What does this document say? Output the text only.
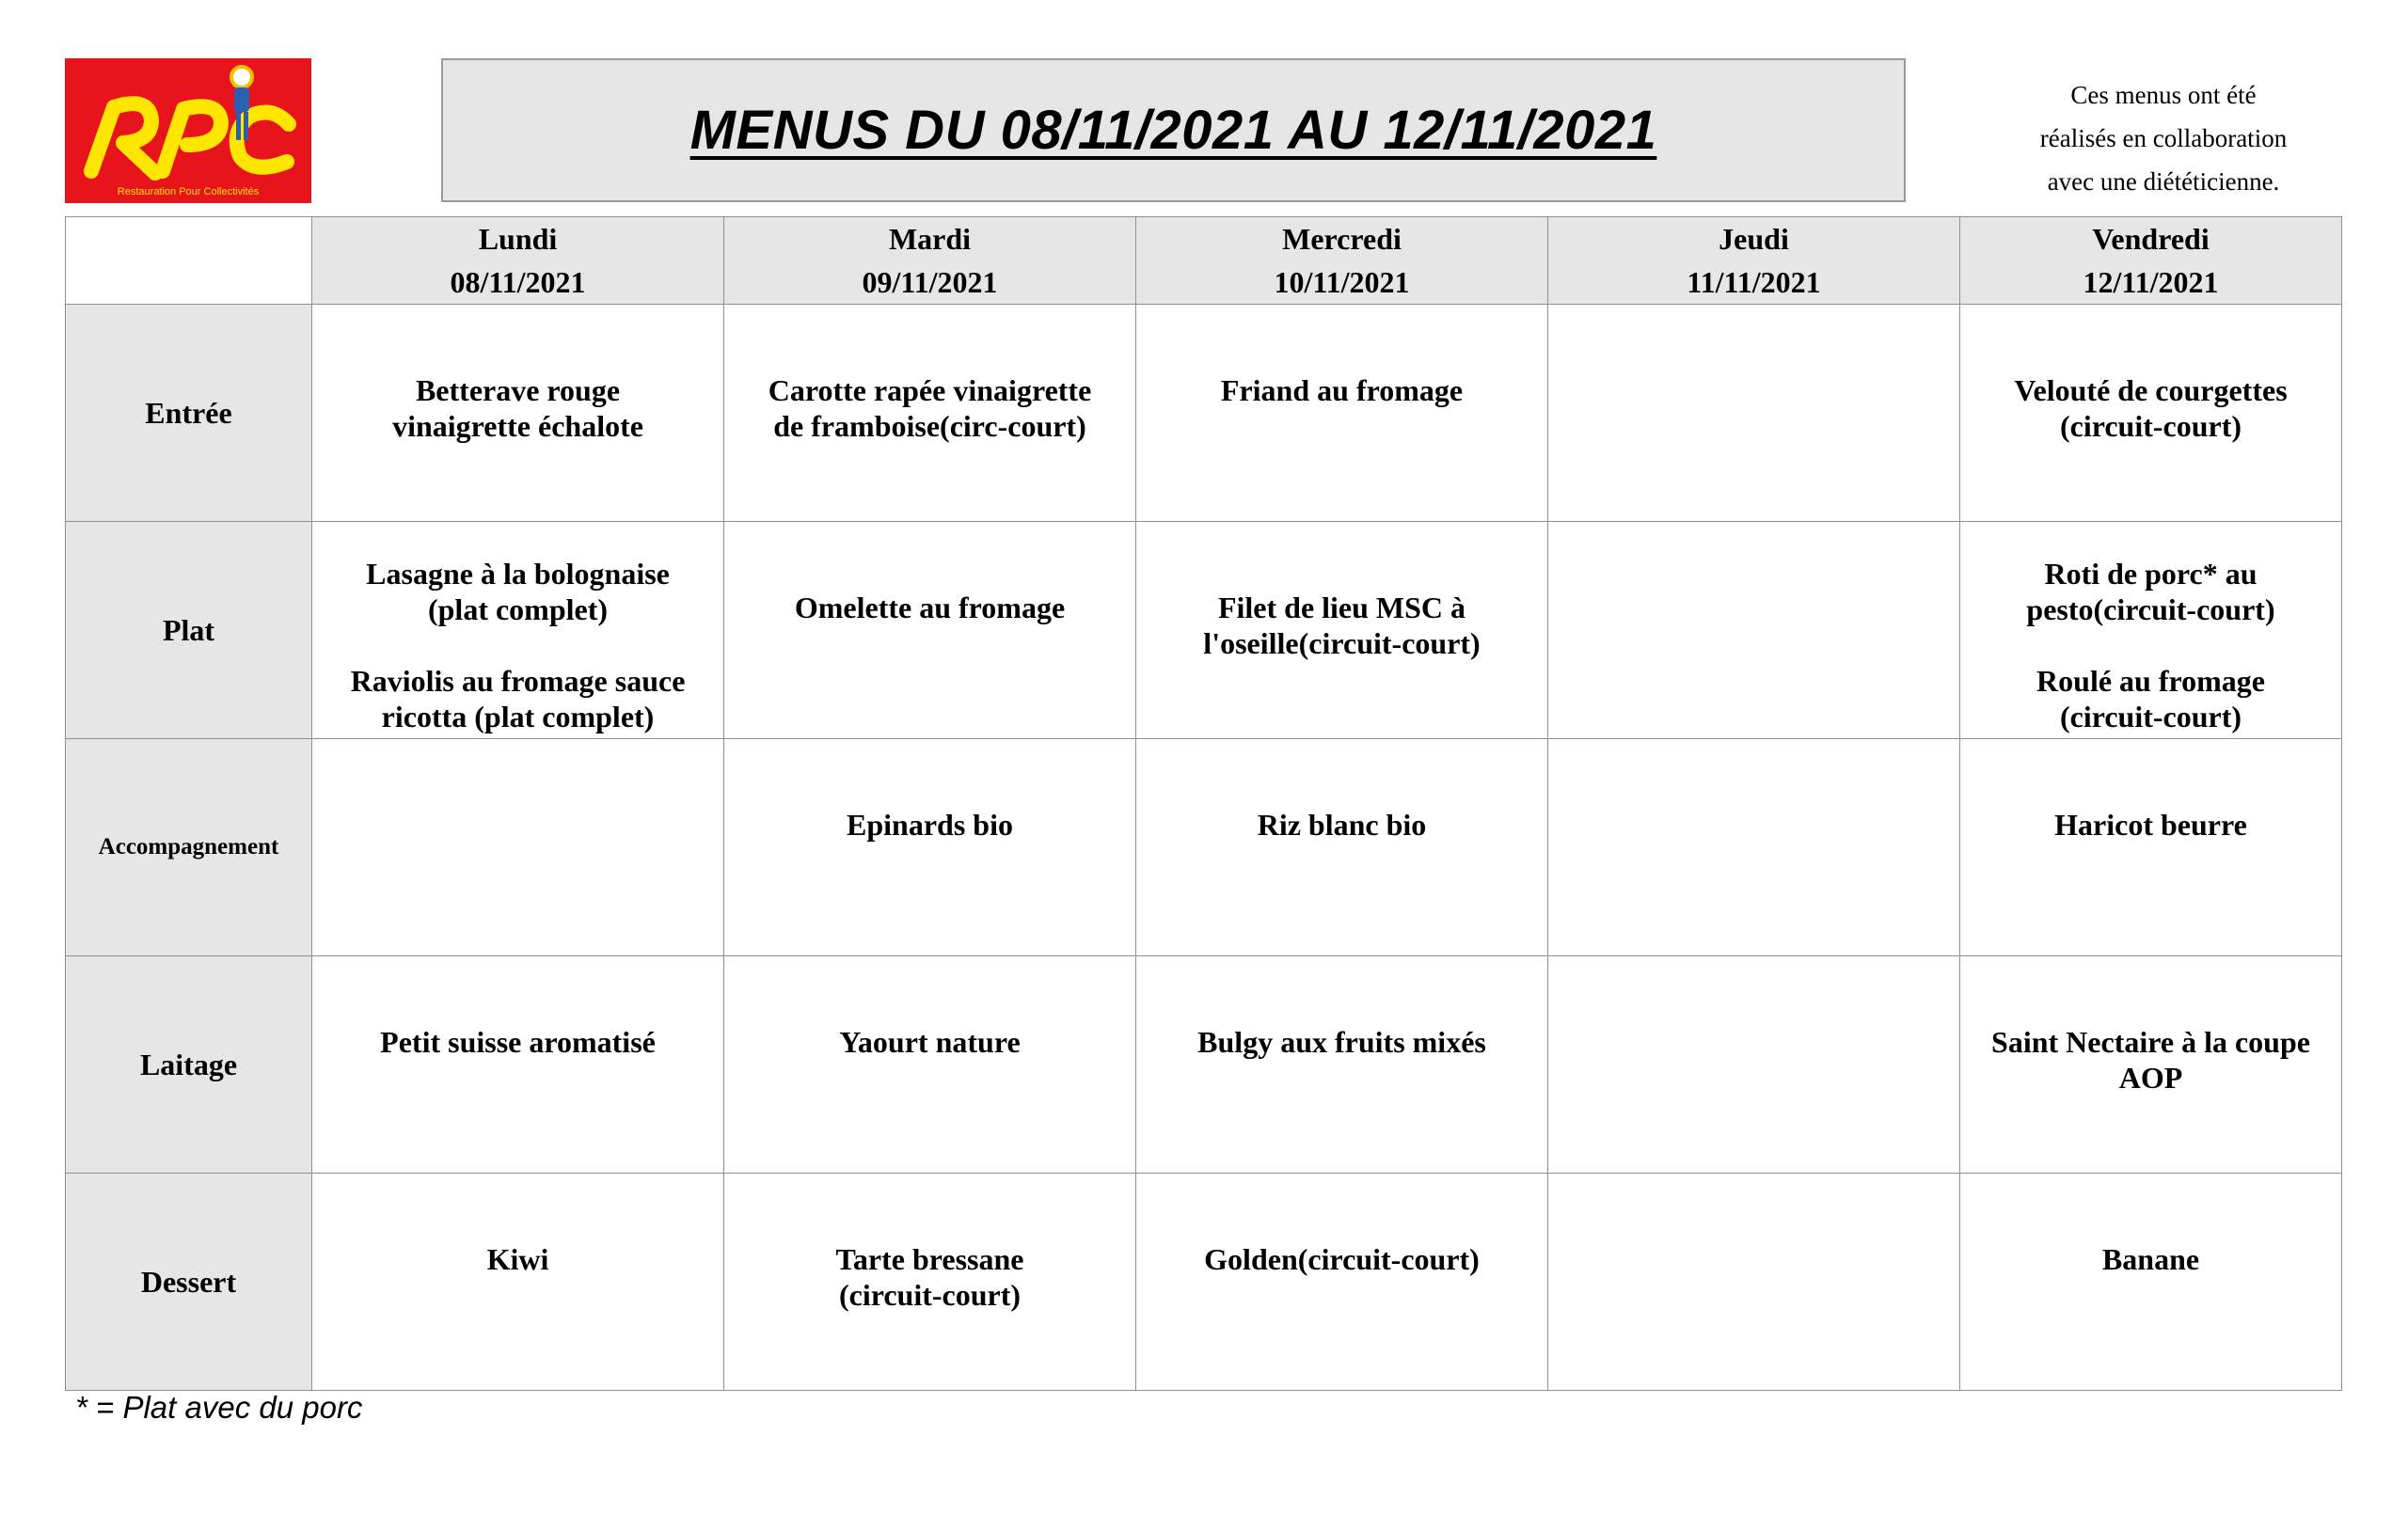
Restauration Pour Collectivités
MENUS DU 08/11/2021 AU 12/11/2021
Ces menus ont été
réalisés en collaboration
avec une diététicienne.

	Lundi
08/11/2021	Mardi
09/11/2021	Mercredi
10/11/2021	Jeudi
11/11/2021	Vendredi
12/11/2021

Entrée	Betterave rouge
vinaigrette échalote	Carotte rapée vinaigrette
de framboise(circ-court)	Friand au fromage		Velouté de courgettes
(circuit-court)

Plat	Lasagne à la bolognaise
(plat complet)
Raviolis au fromage sauce
ricotta (plat complet)	Omelette au fromage	Filet de lieu MSC à
l'oseille(circuit-court)		Roti de porc* au
pesto(circuit-court)
Roulé au fromage
(circuit-court)

Accompagnement		Epinards bio	Riz blanc bio		Haricot beurre

Laitage	Petit suisse aromatisé	Yaourt nature	Bulgy aux fruits mixés		Saint Nectaire à la coupe
AOP

Dessert	Kiwi	Tarte bressane
(circuit-court)	Golden(circuit-court)		Banane
* = Plat avec du porc
